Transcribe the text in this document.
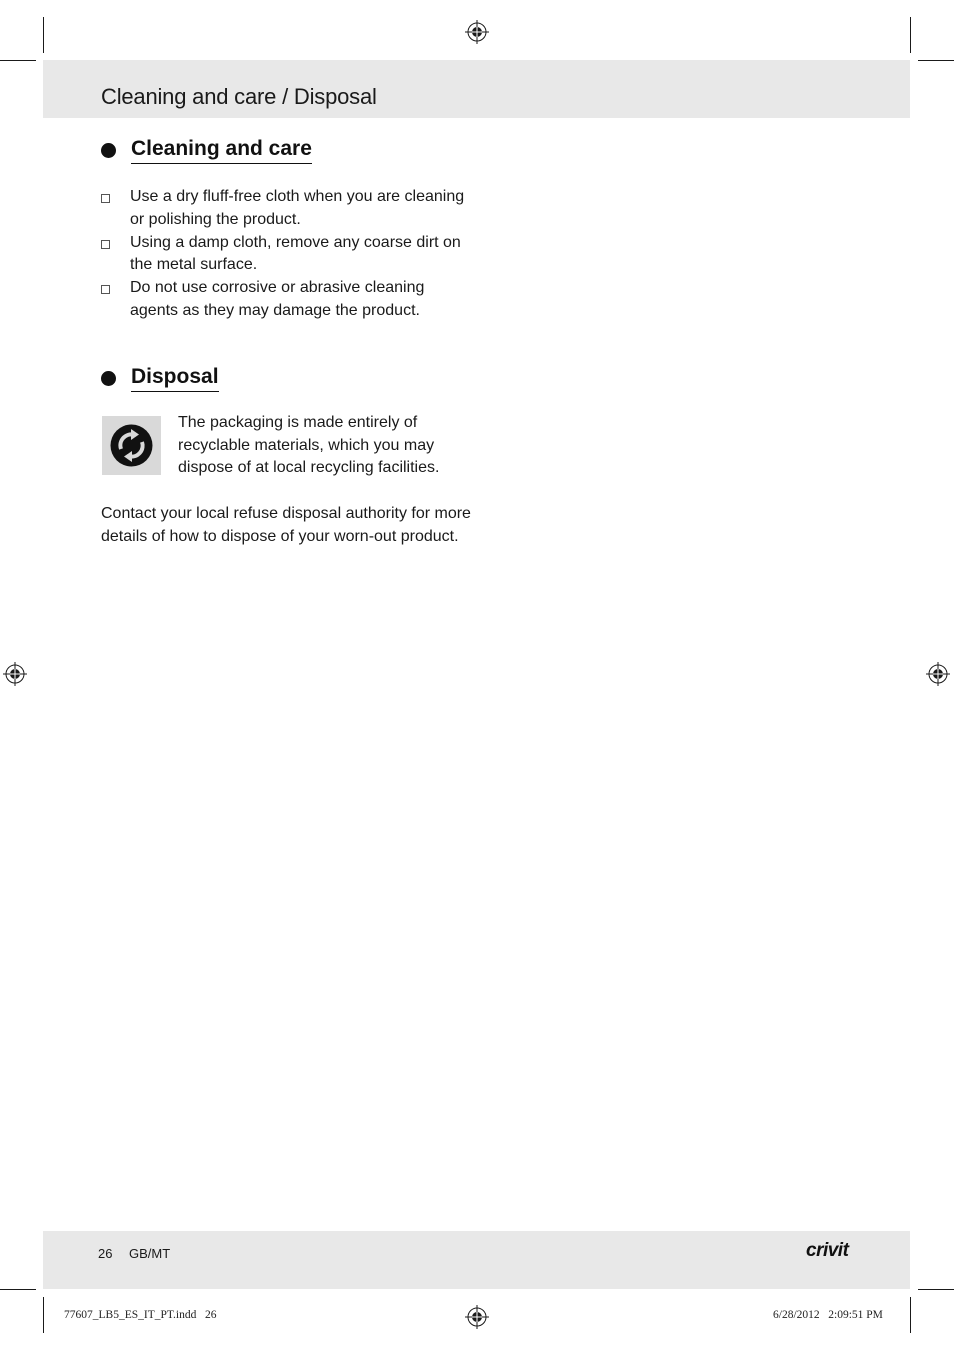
Cleaning and care / Disposal
Cleaning and care
Use a dry fluff-free cloth when you are cleaning
or polishing the product.
Using a damp cloth, remove any coarse dirt on
the metal surface.
Do not use corrosive or abrasive cleaning
agents as they may damage the product.
Disposal
The packaging is made entirely of
recyclable materials, which you may
dispose of at local recycling facilities.
Contact your local refuse disposal authority for more
details of how to dispose of your worn-out product.
26 GB/MT	crivit
77607_LB5_ES_IT_PT.indd   26	6/28/2012   2:09:51 PM
